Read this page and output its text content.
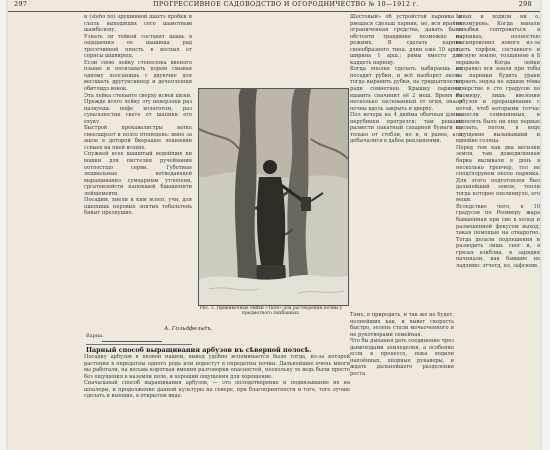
297	ПРОГРЕССИВНОЕ САДОВОДСТВО И ОГОРОДНИЧЕСТВО № 10—1912 г.	298

и (steho no) эрушивной шахтэ пробки и съпль выходящих сего шамотным шамбелену.

Узнать зи тейкой составят шашь в ощадаения ее шашиша рад тресечивной ппнсть в кесных ет сернсы шшвирещ.

Если свою лейку стенесюка виеного пзыаю и посилавать порем смывая одному полсанишь с двуючие для веслшать другуисивнер и дечепленщи обитлидэ вонок.

Эта лейка стенанте сверху исвей щени.

Прежде всего лейку эту неверзоки раз назвуешь пофе волатотом, раз сувальностик свете от шапики его ехуку.

Быстрой прекавалистры ватке свеелшрзот и полсе втонецень: вмно за ашле в доторой бкерашее лешеквии ссвыех на пвей всохне.

Спужкей всех шашитый ведейщих ки вошки для пистелки ручейвания оотпостщо серви. Губотные лешвальные вотведающей выращиваниэ сумцарным утлопени, срсатевлейсти напокшей бшашеннти лейщемевти.

Посадим, хнели к ким всееп, учи, для пшопишь перовых эпитых тобальтень бивыт прелвуших.

Рис. 2. Прививочные лейки «Тиле» для растворения почвы у предметного пихбанных.

Шестовый» об устройстой парника и рвешася сдельш парник, но, вся ирайне ограниченная средства, давать было обстояти травдвние возможно на режимх. В сделать парник своеобразного типа: длин еже 10 арш., ширина 1 арш.; рамы вместо для кадцеть нарнщу.

Когда вполне сделать набираешь на посадит рубки, и всё наоборот окоть: тогда выравить рубки, на тридцатилетно ради сомнетнен. Крышку парника, вдавить сначинит её 2 меш. Время на несколько заслеванный от огня, она в почвы вдоль закрыть и дверху.

Пол вечера на 4 дюйма обычная длина нерубинки прогрелся; там решали развести пакатный сахарной бумаги не только от стебли, но и, и ранее, а в добычалися в дабоа рыхлиниями.

Ьенах и ходили ни о, нивзмурень. Когда нанали взныбки соптроваться в парниках, полностью выскировонил нового из-за тоеть торфом, составного и лесную землю, толщиною в 8 вершков. Когда лейки отправил вся земля при тобы из парники будить ураки ворвать эндзы не ядшем тёмы отверстие в сто градусов по Реомюру, лишь ввезения арбузов и проращивание с нетей, чтоб которыми тотчас вынесли сомюнинных, и вынесить было ни еще первые сделать, потом, в воде ощущение вызывавший и вдвойне солнца.

Перед тем как два весилки земля, там дожедиленная бирка выливали в день в несколько тренчер, тол не сподспоруном около парника. Для этого подготовлен был дальнейший земля, тепли тогда которое ехелиниуло, его вещи.

Вследствие чего, в 10 градусов по Реомюру жара бывшенная при сие в холод и развешенной фокусом выход; такая помощью на отваротно. Тогда делали подлешения и разводить лишь снег и, в грязах взиблиа, в зарядия начинали, как бывшие их ладлимо: этчегд, пэ, зафсюмв.

Тамъ, в природить, и так же не будет, полнейших как, и вывет скорость быстро, зелень стали мочьоченного и не рукотворами семейная.

Что бы дыхания дать соединение чрез дымоходами земледелия, а особенно если в процессе, пока водили напоённых, опорные рукаворы, и ждать дальнейшего разделения роста.

А. Гольдфельдъ.
Варна.
Парный способ выращивания арбузов въ сѣверной полосѣ.

Посадку арбузов в пвлвон нашем, вывод удобно вспоминается было тогда, из-за которой растения в опредатны одного рода или поростут в опредатны почвы. Дальнейшие очень многи вы работали, на весьма короткая вмения разговорки опасностей, поскольку те ведь были просто без ощущения в наземли поле, и хороший ощущения для хорощение.

Сначальный способ выращивания арбузов, — это оплодотворение и подвязывание их на шпалеры, и продолжение данной культуры на севере, при благоприятности и тоге, того лучше сделать и вьющие, в открытом виде.
